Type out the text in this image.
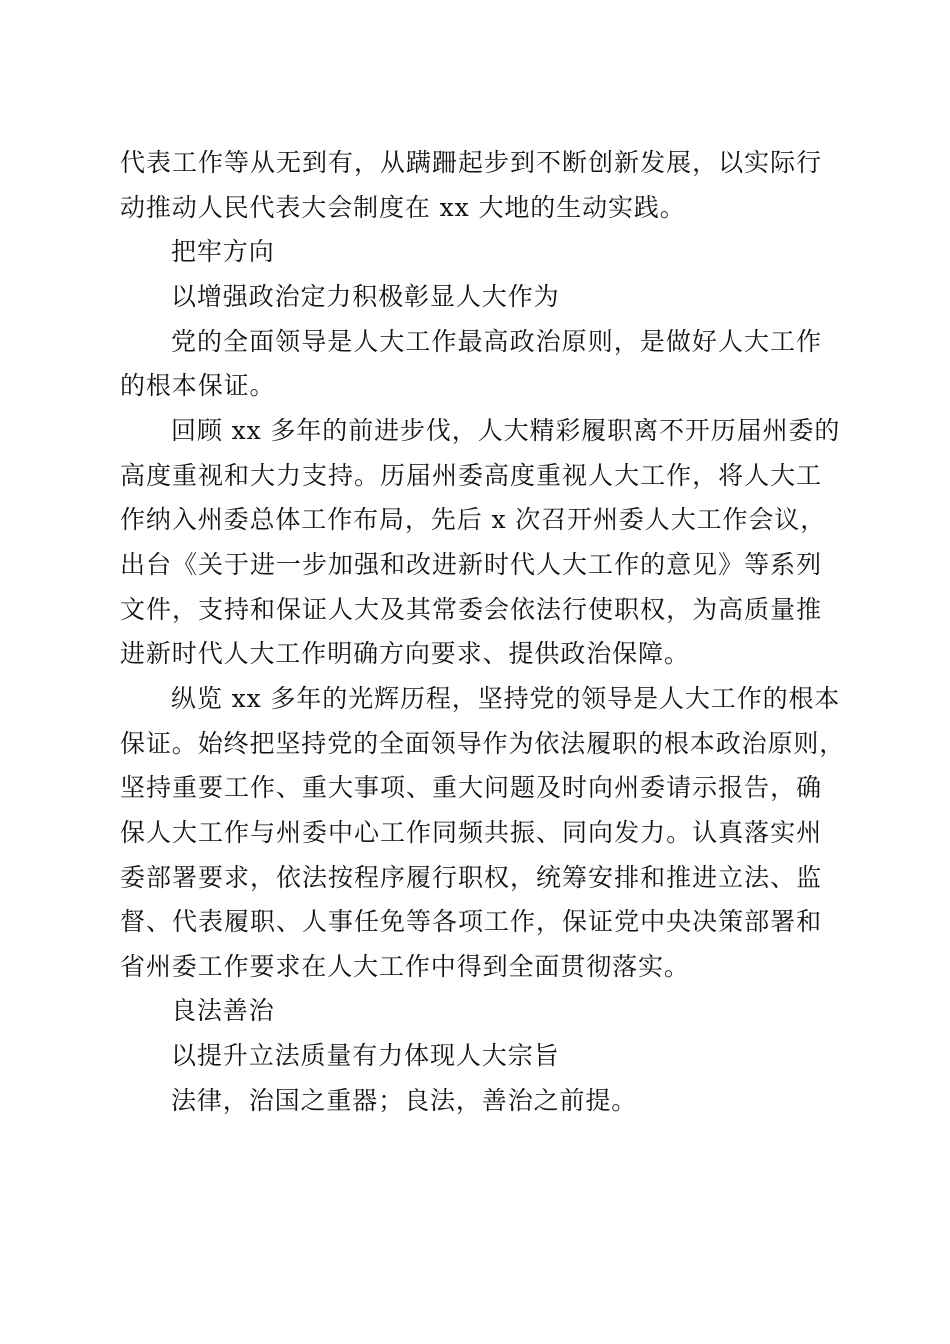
代表工作等从无到有，从蹒跚起步到不断创新发展，以实际行
动推动人民代表大会制度在 xx 大地的生动实践。
把牢方向
以增强政治定力积极彰显人大作为
党的全面领导是人大工作最高政治原则，是做好人大工作
的根本保证。
回顾 xx 多年的前进步伐，人大精彩履职离不开历届州委的
高度重视和大力支持。历届州委高度重视人大工作，将人大工
作纳入州委总体工作布局，先后 x 次召开州委人大工作会议，
出台《关于进一步加强和改进新时代人大工作的意见》等系列
文件，支持和保证人大及其常委会依法行使职权，为高质量推
进新时代人大工作明确方向要求、提供政治保障。
纵览 xx 多年的光辉历程，坚持党的领导是人大工作的根本
保证。始终把坚持党的全面领导作为依法履职的根本政治原则，
坚持重要工作、重大事项、重大问题及时向州委请示报告，确
保人大工作与州委中心工作同频共振、同向发力。认真落实州
委部署要求，依法按程序履行职权，统筹安排和推进立法、监
督、代表履职、人事任免等各项工作，保证党中央决策部署和
省州委工作要求在人大工作中得到全面贯彻落实。
良法善治
以提升立法质量有力体现人大宗旨
法律，治国之重器；良法，善治之前提。
